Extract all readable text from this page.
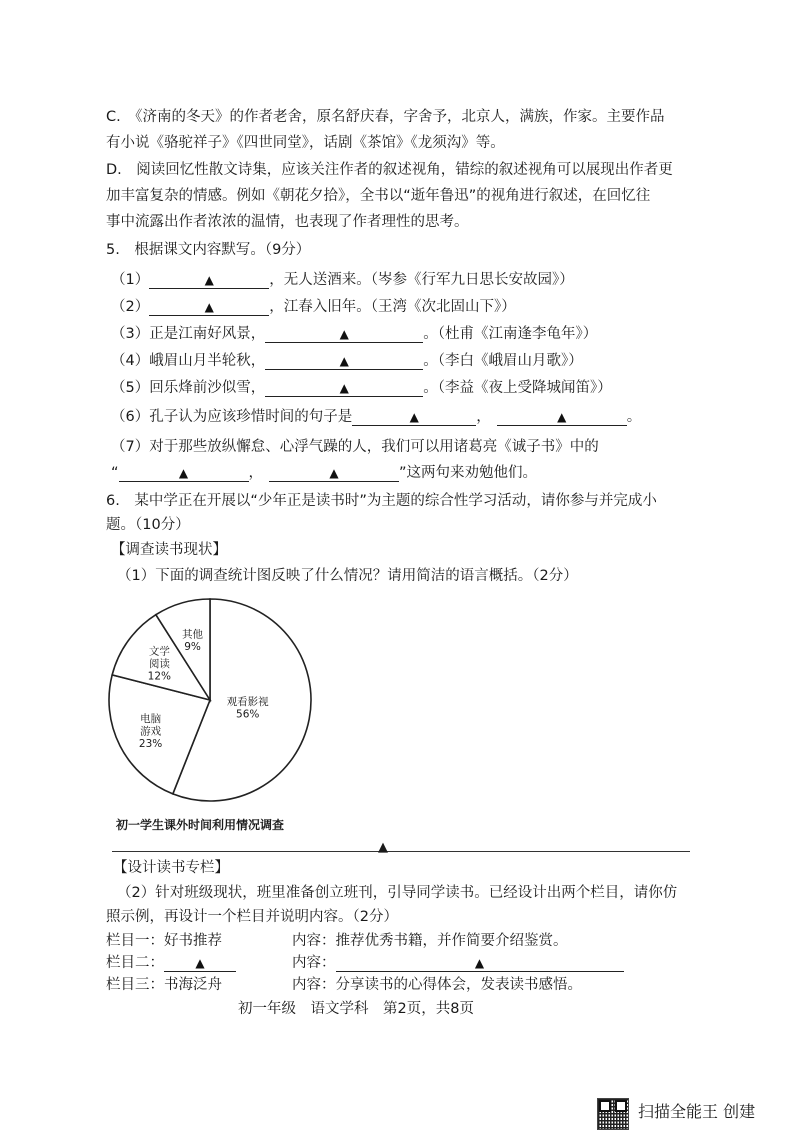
C.　《济南的冬天》的作者老舍，原名舒庆春，字舍予，北京人，满族，作家。主要作品
有小说《骆驼祥子》《四世同堂》，话剧《茶馆》《龙须沟》等。
D.　阅读回忆性散文诗集，应该关注作者的叙述视角，错综的叙述视角可以展现出作者更
加丰富复杂的情感。例如《朝花夕拾》，全书以“逝年鲁迅”的视角进行叙述，在回忆往
事中流露出作者浓浓的温情，也表现了作者理性的思考。
5.　根据课文内容默写。（9分）
（1）	▲	，无人送酒来。（岑参《行军九日思长安故园》）
（2）	▲	，江春入旧年。（王湾《次北固山下》）
（3）正是江南好风景，	▲	。（杜甫《江南逢李龟年》）
（4）峨眉山月半轮秋，	▲	。（李白《峨眉山月歌》）
（5）回乐烽前沙似雪，	▲	。（李益《夜上受降城闻笛》）
（6）孔子认为应该珍惜时间的句子是	▲	，	▲	。
（7）对于那些放纵懈怠、心浮气躁的人，我们可以用诸葛亮《诚子书》中的
“	▲	，	▲	”这两句来劝勉他们。
6.　某中学正在开展以“少年正是读书时”为主题的综合性学习活动，请你参与并完成小
题。（10分）
【调查读书现状】
（1）下面的调查统计图反映了什么情况？请用简洁的语言概括。（2分）
观看影视 56%
电脑游戏 23%
文学阅读 12%
其他 9%
初一学生课外时间利用情况调查
▲
【设计读书专栏】
（2）针对班级现状，班里准备创立班刊，引导同学读书。已经设计出两个栏目，请你仿
照示例，再设计一个栏目并说明内容。（2分）
栏目一：好书推荐	内容：推荐优秀书籍，并作简要介绍鉴赏。
栏目二：	▲	内容：	▲
栏目三：书海泛舟	内容：分享读书的心得体会，发表读书感悟。
初一年级　语文学科　第2页，共8页
扫描全能王 创建
